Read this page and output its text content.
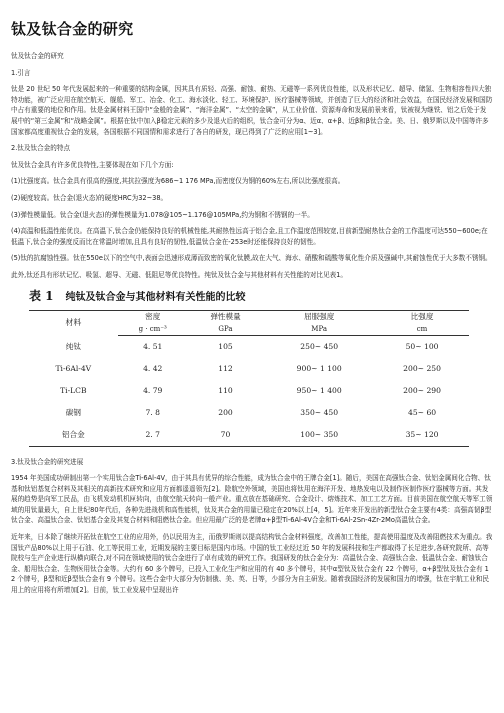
钛及钛合金的研究

钛及钛合金的研究

1.引言

钛是 20 世纪 50 年代发展起来的一种重要的结构金属，因其具有质轻、高强、耐蚀、耐热、无磁等一系列优良性能，以及形状记忆、超导、储氢、生物相容性四大独特功能，被广泛应用在航空航天、舰船、军工、冶金、化工、海水淡化、轻工、环境保护、医疗器械等领域，并创造了巨大的经济和社会效益，在国民经济发展和国防中占有重要的地位和作用。钛是金属材料王国中“金般的金属”、“海洋金属”、“太空的金属”，从工业价值、资源寿命和发展前景来看，钛被视为继铁、铝之后处于发展中的“第三金属”和“战略金属”。根据在钛中加入β稳定元素的多少及退火后的组织，钛合金可分为α、近α、α+β、近β和β钛合金。美、日、俄罗斯以及中国等许多国家都高度重视钛合金的发展，各国根据不同国情和需求进行了各自的研发，现已得到了广泛的应用[1~3]。

2.钛及钛合金的特点

钛及钛合金具有许多优良特性,主要体现在如下几个方面:

(1)比强度高。钛合金具有很高的强度,其抗拉强度为686~1 176 MPa,而密度仅为钢的60%左右,所以比强度很高。

(2)硬度较高。钛合金(退火态)的硬度HRC为32~38。

(3)弹性模量低。钛合金(退火态)的弹性模量为1.078@105~1.176@105MPa,约为钢和不锈钢的一半。

(4)高温和低温性能优良。在高温下,钛合金仍能保持良好的机械性能,其耐热性远高于铝合金,且工作温度范围较宽,目前新型耐热钛合金的工作温度可达550~600e;在低温下,钛合金的强度反而比在常温时增加,且具有良好的韧性,低温钛合金在-253e时还能保持良好的韧性。

(5)钛的抗腐蚀性强。钛在550e以下的空气中,表面会迅速形成薄而致密的氧化钛膜,故在大气、海水、硝酸和硫酸等氧化性介质及强碱中,其耐蚀性优于大多数不锈钢。

此外,钛还具有形状记忆、吸氢、超导、无磁、低阻尼等优良特性。纯钛及钛合金与其他材料有关性能的对比见表1。

表 1 纯钛及钛合金与其他材料有关性能的比较
材料	密度	弹性模量	屈服强度	比强度
	g · cm⁻³	GPa	MPa	cm
纯钛	4. 51	105	250~ 450	50~ 100
Ti-6Al-4V	4. 42	112	900~ 1 100	200~ 250
Ti-LCB	4. 79	110	950~ 1 400	200~ 290
碳钢	7. 8	200	350~ 450	45~ 60
铝合金	2. 7	70	100~ 350	35~ 120

3.钛及钛合金的研究进展

1954 年美国成功研制出第一个实用钛合金Ti-6Al-4V，由于其具有优异的综合性能，成为钛合金中的王牌合金[1]。随后，美国在高强钛合金、钛铝金属间化合物、钛基和钛铝基复合材料及其相关的高新技术研究和应用方面都遥遥领先[2]。除航空外领域，美国也将钛用在海洋开发、地热发电以及制作医制作医疗器械等方面。其发展的趋势是向军工民品，由飞机发动机机匣转向，由航空航天转向一般产业。重点放在基础研究、合金设计、熔炼技术、加工工艺方面。目前美国在航空航天等军工领域的用钛量最大，自上世纪80年代后，各种先进战机和高性能机，钛及其合金的用量已稳定在20%以上[4，5]。近年来开发出的新型钛合金主要有4类：高强高韧β型钛合金、高温钛合金、钛铝基合金及其复合材料和阻燃钛合金。但应用最广泛的是老牌α+β型Ti-6Al-4V合金和Ti-6Al-2Sn-4Zr-2Mo高温钛合金。

近年来，日本除了继续开拓钛在航空工业的应用外，仍以民用为主，而俄罗斯则以提高结构钛合金材料强度，改善加工性能，提高使用温度及改善阻燃技术为重点。我国钛产品80%以上用于石油、化工等民用工业，近期发展的主要目标是国内市场。中国的钛工业经过近 50 年的发展科技和生产都取得了长足进步,各研究院所、高等院校与生产企业进行纵横向联合,对不同在领域使用的钛合金进行了卓有成效的研究工作。我国研发的钛合金分为：高温钛合金、高强钛合金、低温钛合金、耐蚀钛合金、船用钛合金、生物医用钛合金等。大约有 60 多个牌号，已投入工业化生产和应用的有 40 多个牌号，其中α型钛及钛合金有 22 个牌号，α+β型钛及钛合金有 12 个牌号，β型和近β型钛合金有 9 个牌号。这些合金中大部分为仿制俄、美、英、日等，少部分为自主研发。随着我国经济的发展和国力的增强，钛在宇航工业和民用上的应用将有所增加[2]。目前，钛工业发展中呈现出许
